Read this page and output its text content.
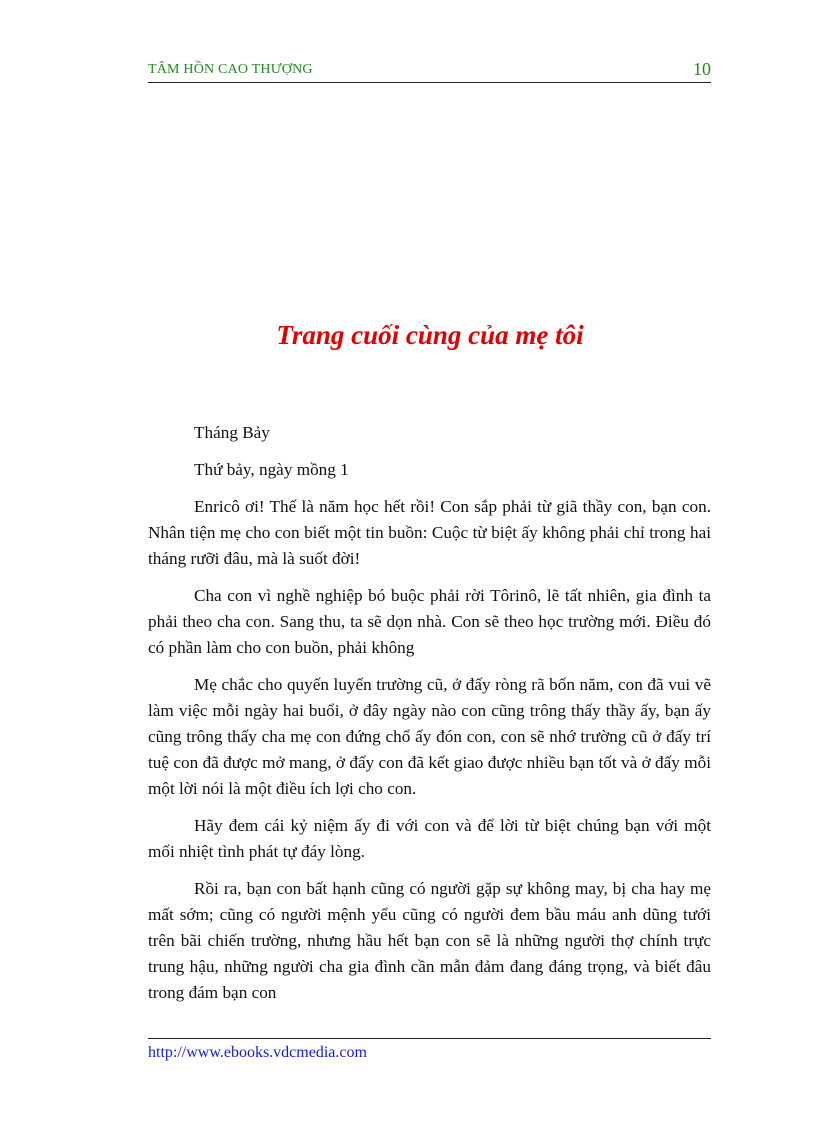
TÂM HỒN CAO THƯỢNG	10
Trang cuối cùng của mẹ tôi

Tháng Bảy

Thứ bảy, ngày mồng 1

Enricô ơi! Thế là năm học hết rồi! Con sắp phải từ giã thầy con, bạn con. Nhân tiện mẹ cho con biết một tin buồn: Cuộc từ biệt ấy không phải chỉ trong hai tháng rưỡi đâu, mà là suốt đời!

Cha con vì nghề nghiệp bó buộc phải rời Tôrinô, lẽ tất nhiên, gia đình ta phải theo cha con. Sang thu, ta sẽ dọn nhà. Con sẽ theo học trường mới. Điều đó có phần làm cho con buồn, phải không

Mẹ chắc cho quyến luyến trường cũ, ở đấy ròng rã bốn năm, con đã vui vẽ làm việc mỗi ngày hai buổi, ở đây ngày nào con cũng trông thấy thầy ấy, bạn ấy cũng trông thấy cha mẹ con đứng chổ ấy đón con, con sẽ nhớ trường cũ ở đấy trí tuệ con đã được mở mang, ở đấy con đã kết giao được nhiều bạn tốt và ở đấy mỗi một lời nói là một điều ích lợi cho con.

Hãy đem cái kỷ niệm ấy đi với con và để lời từ biệt chúng bạn với một mối nhiệt tình phát tự đáy lòng.

Rồi ra, bạn con bất hạnh cũng có người gặp sự không may, bị cha hay mẹ mất sớm; cũng có người mệnh yểu cũng có người đem bầu máu anh dũng tưới trên bãi chiến trường, nhưng hầu hết bạn con sẽ là những người thợ chính trực trung hậu, những người cha gia đình cần mẫn đảm đang đáng trọng, và biết đâu trong đám bạn con

http://www.ebooks.vdcmedia.com
